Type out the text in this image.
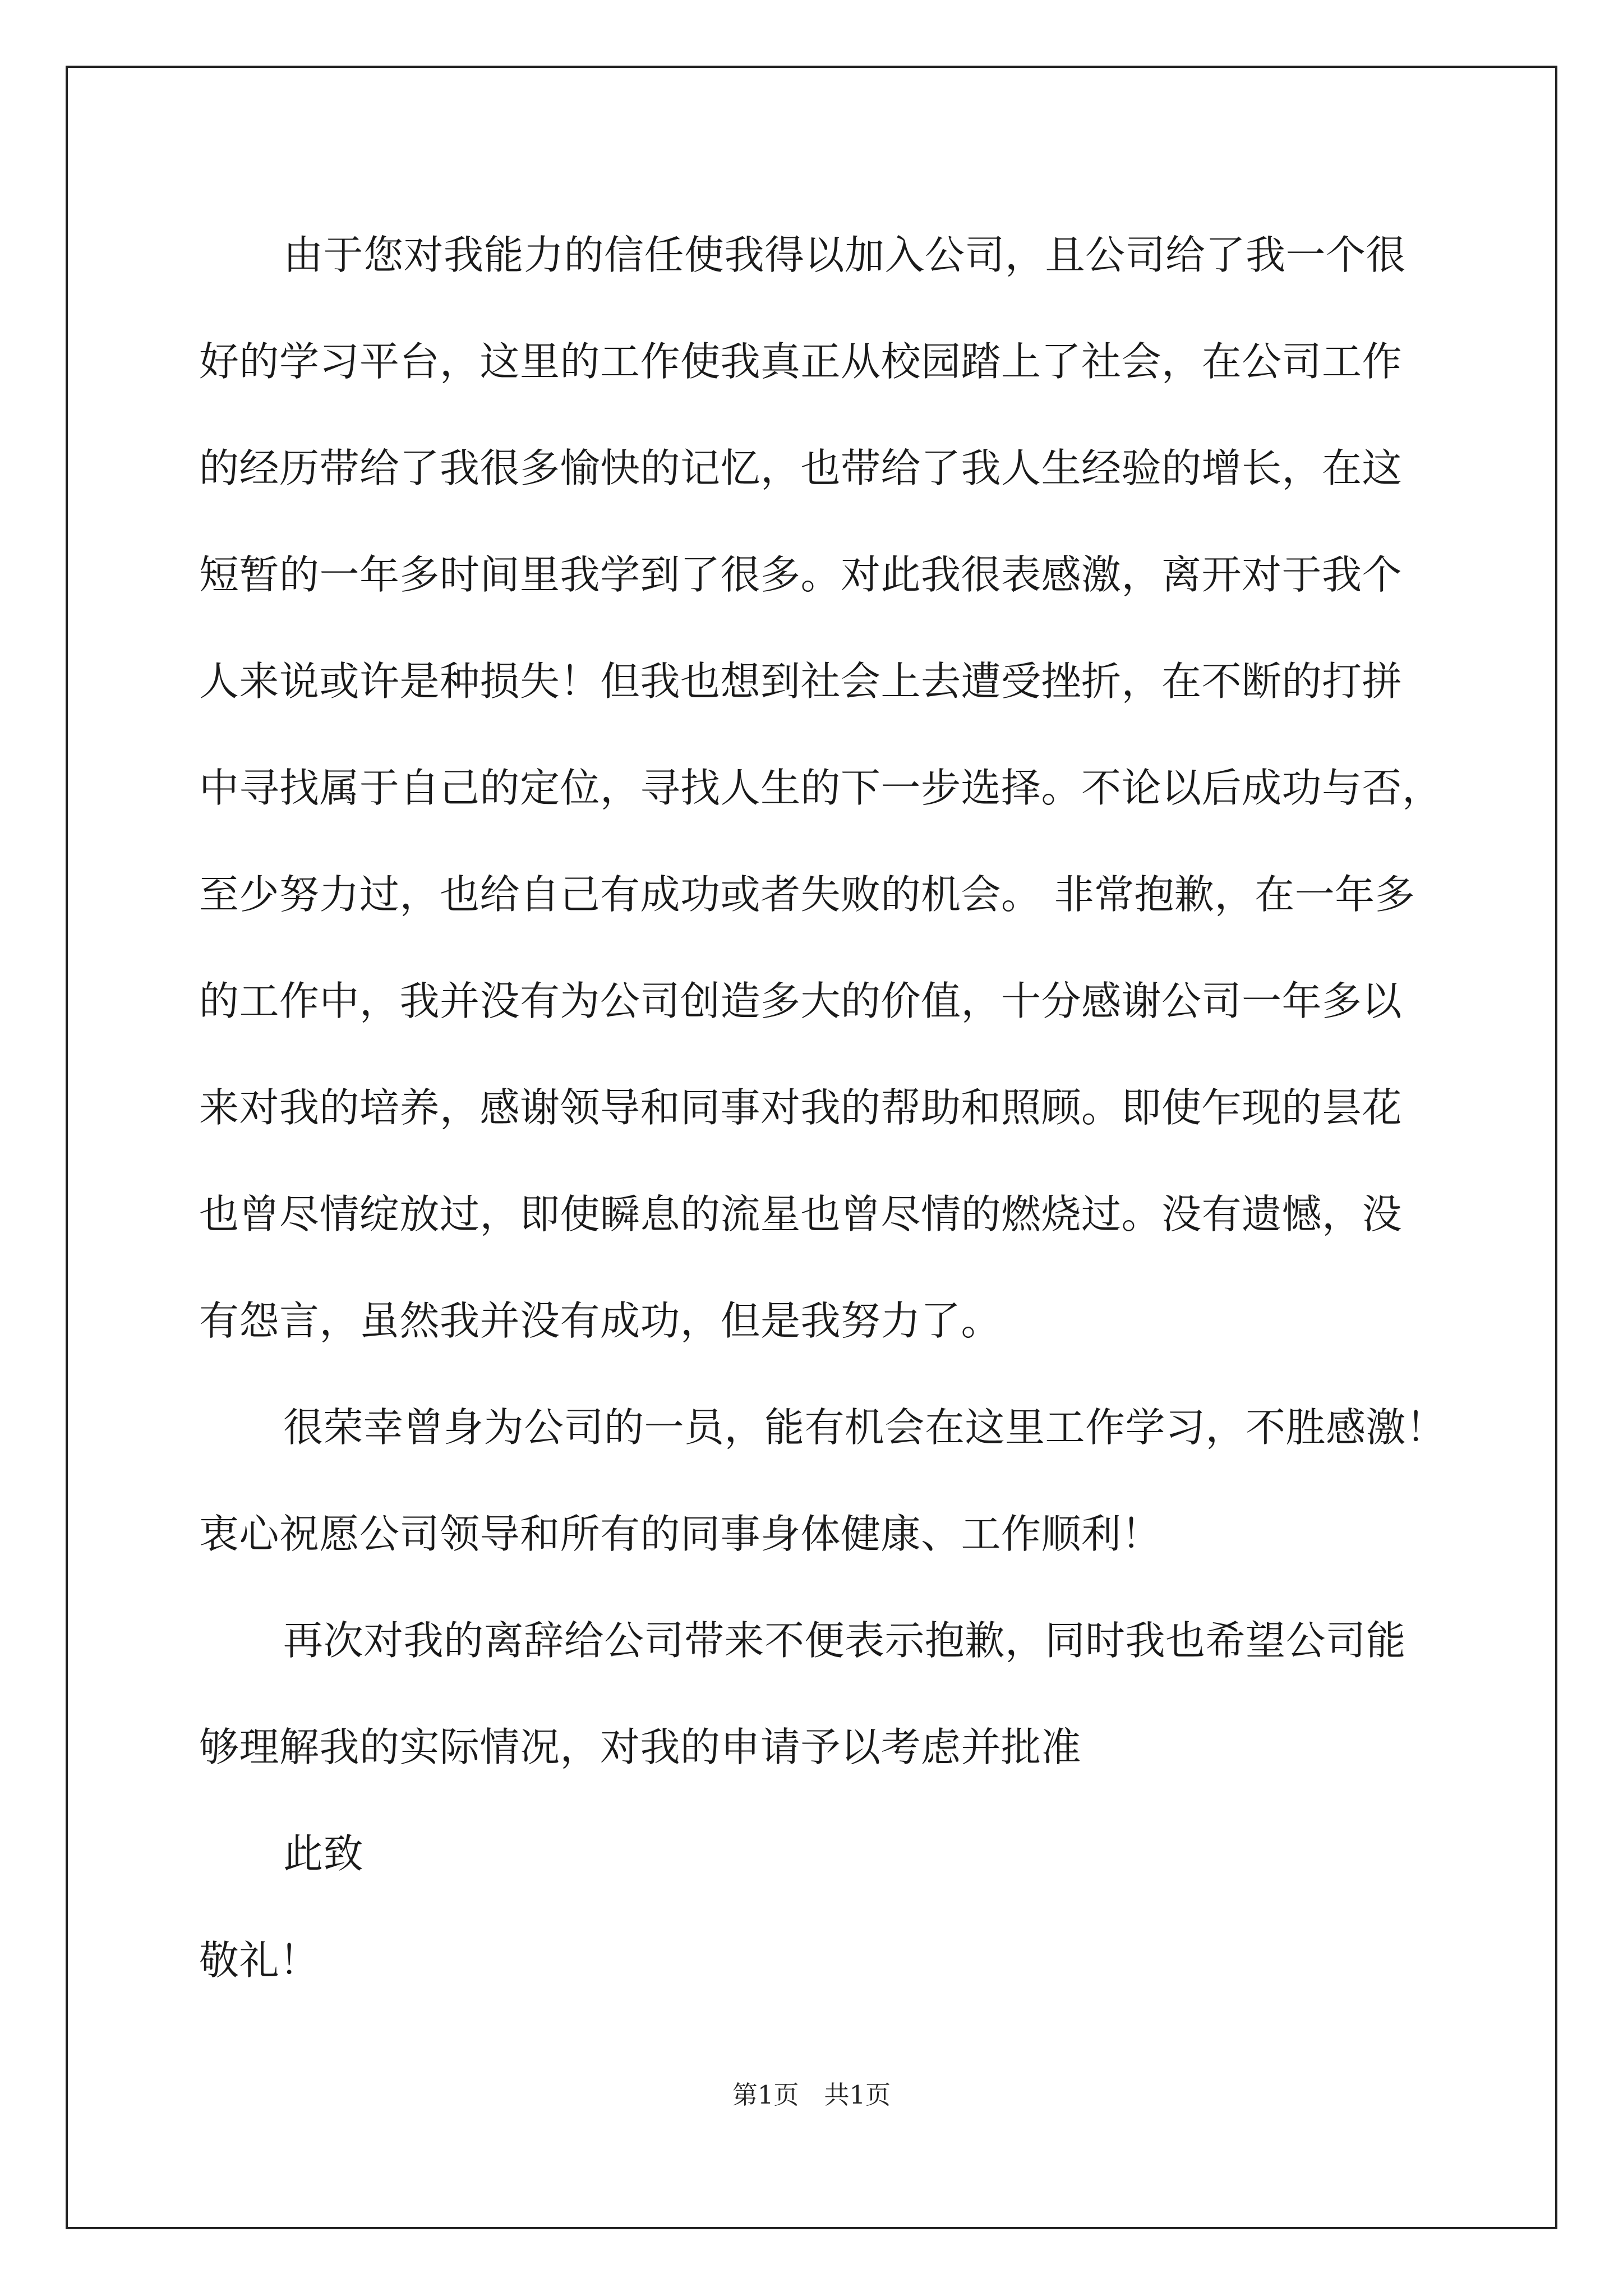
由于您对我能力的信任使我得以加入公司，且公司给了我一个很
好的学习平台，这里的工作使我真正从校园踏上了社会，在公司工作
的经历带给了我很多愉快的记忆，也带给了我人生经验的增长，在这
短暂的一年多时间里我学到了很多。对此我很表感激，离开对于我个
人来说或许是种损失！但我也想到社会上去遭受挫折，在不断的打拼
中寻找属于自己的定位，寻找人生的下一步选择。不论以后成功与否，
至少努力过，也给自己有成功或者失败的机会。 非常抱歉，在一年多
的工作中，我并没有为公司创造多大的价值，十分感谢公司一年多以
来对我的培养，感谢领导和同事对我的帮助和照顾。即使乍现的昙花
也曾尽情绽放过，即使瞬息的流星也曾尽情的燃烧过。没有遗憾，没
有怨言，虽然我并没有成功，但是我努力了。
很荣幸曾身为公司的一员，能有机会在这里工作学习，不胜感激！
衷心祝愿公司领导和所有的同事身体健康、工作顺利！
再次对我的离辞给公司带来不便表示抱歉，同时我也希望公司能
够理解我的实际情况，对我的申请予以考虑并批准
此致
敬礼！
第1页　共1页
